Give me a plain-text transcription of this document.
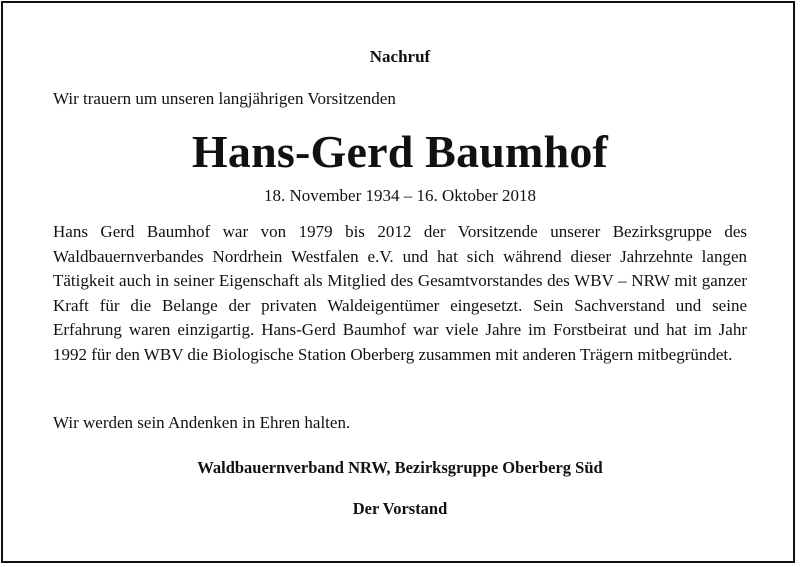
Nachruf
Wir trauern um unseren langjährigen Vorsitzenden
Hans-Gerd Baumhof
18. November 1934 – 16. Oktober 2018
Hans Gerd Baumhof war von 1979 bis 2012 der Vorsitzende unserer Bezirksgruppe des Waldbauernverbandes Nordrhein Westfalen e.V. und hat sich während dieser Jahrzehnte langen Tätigkeit auch in seiner Eigenschaft als Mitglied des Gesamtvorstandes des WBV – NRW mit ganzer Kraft für die Belange der privaten Waldeigentümer eingesetzt. Sein Sachverstand und seine Erfahrung waren einzigartig. Hans-Gerd Baumhof war viele Jahre im Forstbeirat und hat im Jahr 1992 für den WBV die Biologische Station Oberberg zusammen mit anderen Trägern mitbegründet.
Wir werden sein Andenken in Ehren halten.
Waldbauernverband NRW, Bezirksgruppe Oberberg Süd
Der Vorstand
